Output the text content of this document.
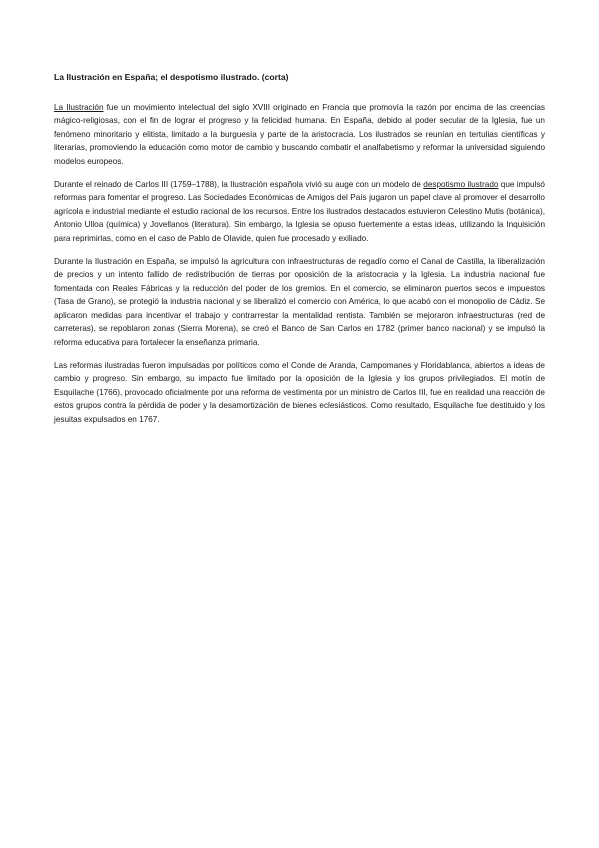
La Ilustración en España; el despotismo ilustrado. (corta)

La Ilustración fue un movimiento intelectual del siglo XVIII originado en Francia que promovía la razón por encima de las creencias mágico-religiosas, con el fin de lograr el progreso y la felicidad humana. En España, debido al poder secular de la Iglesia, fue un fenómeno minoritario y elitista, limitado a la burguesía y parte de la aristocracia. Los ilustrados se reunían en tertulias científicas y literarias, promoviendo la educación como motor de cambio y buscando combatir el analfabetismo y reformar la universidad siguiendo modelos europeos.

Durante el reinado de Carlos III (1759–1788), la Ilustración española vivió su auge con un modelo de despotismo ilustrado que impulsó reformas para fomentar el progreso. Las Sociedades Económicas de Amigos del País jugaron un papel clave al promover el desarrollo agrícola e industrial mediante el estudio racional de los recursos. Entre los ilustrados destacados estuvieron Celestino Mutis (botánica), Antonio Ulloa (química) y Jovellanos (literatura). Sin embargo, la Iglesia se opuso fuertemente a estas ideas, utilizando la Inquisición para reprimirlas, como en el caso de Pablo de Olavide, quien fue procesado y exiliado.

Durante la Ilustración en España, se impulsó la agricultura con infraestructuras de regadío como el Canal de Castilla, la liberalización de precios y un intento fallido de redistribución de tierras por oposición de la aristocracia y la Iglesia. La industria nacional fue fomentada con Reales Fábricas y la reducción del poder de los gremios. En el comercio, se eliminaron puertos secos e impuestos (Tasa de Grano), se protegió la industria nacional y se liberalizó el comercio con América, lo que acabó con el monopolio de Cádiz. Se aplicaron medidas para incentivar el trabajo y contrarrestar la mentalidad rentista. También se mejoraron infraestructuras (red de carreteras), se repoblaron zonas (Sierra Morena), se creó el Banco de San Carlos en 1782 (primer banco nacional) y se impulsó la reforma educativa para fortalecer la enseñanza primaria.

Las reformas ilustradas fueron impulsadas por políticos como el Conde de Aranda, Campomanes y Floridablanca, abiertos a ideas de cambio y progreso. Sin embargo, su impacto fue limitado por la oposición de la Iglesia y los grupos privilegiados. El motín de Esquilache (1766), provocado oficialmente por una reforma de vestimenta por un ministro de Carlos III, fue en realidad una reacción de estos grupos contra la pérdida de poder y la desamortización de bienes eclesiásticos. Como resultado, Esquilache fue destituido y los jesuitas expulsados en 1767.
